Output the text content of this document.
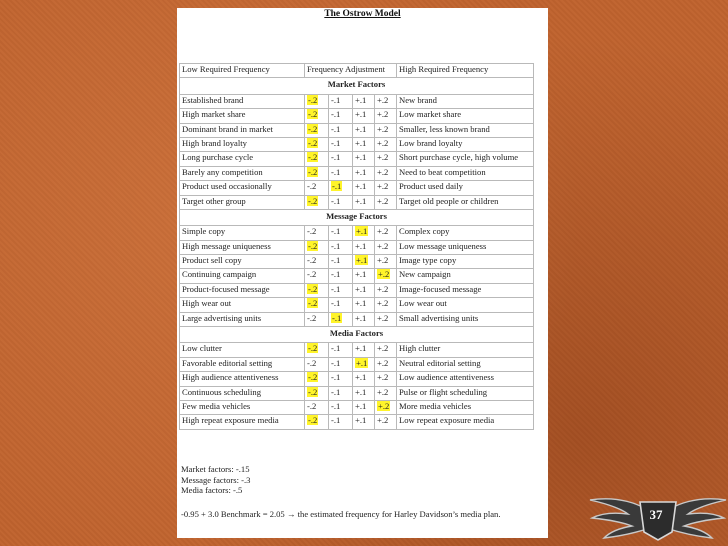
The Ostrow Model
Low Required Frequency	Frequency Adjustment				High Required Frequency
Market Factors					
Established brand	-.2	-.1	+.1	+.2	New brand
High market share	-.2	-.1	+.1	+.2	Low market share
Dominant brand in market	-.2	-.1	+.1	+.2	Smaller, less known brand
High brand loyalty	-.2	-.1	+.1	+.2	Low brand loyalty
Long purchase cycle	-.2	-.1	+.1	+.2	Short purchase cycle, high volume
Barely any competition	-.2	-.1	+.1	+.2	Need to beat competition
Product used occasionally	-.2	-.1	+.1	+.2	Product used daily
Target other group	-.2	-.1	+.1	+.2	Target old people or children
Message Factors					
Simple copy	-.2	-.1	+.1	+.2	Complex copy
High message uniqueness	-.2	-.1	+.1	+.2	Low message uniqueness
Product sell copy	-.2	-.1	+.1	+.2	Image type copy
Continuing campaign	-.2	-.1	+.1	+.2	New campaign
Product-focused message	-.2	-.1	+.1	+.2	Image-focused message
High wear out	-.2	-.1	+.1	+.2	Low wear out
Large advertising units	-.2	-.1	+.1	+.2	Small advertising units
Media Factors					
Low clutter	-.2	-.1	+.1	+.2	High clutter
Favorable editorial setting	-.2	-.1	+.1	+.2	Neutral editorial setting
High audience attentiveness	-.2	-.1	+.1	+.2	Low audience attentiveness
Continuous scheduling	-.2	-.1	+.1	+.2	Pulse or flight scheduling
Few media vehicles	-.2	-.1	+.1	+.2	More media vehicles
High repeat exposure media	-.2	-.1	+.1	+.2	Low repeat exposure media
Market factors: -.15
Message factors: -.3
Media factors: -.5
-0.95 + 3.0 Benchmark = 2.05 → the estimated frequency for Harley Davidson’s media plan.	37
